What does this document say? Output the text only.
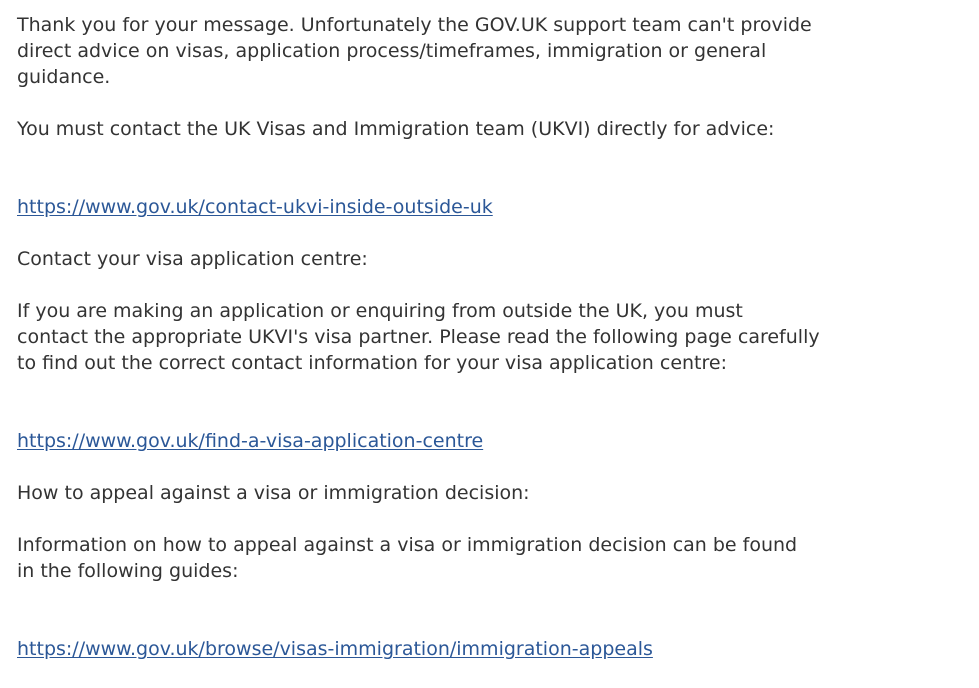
Thank you for your message. Unfortunately the GOV.UK support team can't provide
direct advice on visas, application process/timeframes, immigration or general
guidance.

You must contact the UK Visas and Immigration team (UKVI) directly for advice:

https://www.gov.uk/contact-ukvi-inside-outside-uk

Contact your visa application centre:

If you are making an application or enquiring from outside the UK, you must
contact the appropriate UKVI's visa partner. Please read the following page carefully
to find out the correct contact information for your visa application centre:

https://www.gov.uk/find-a-visa-application-centre

How to appeal against a visa or immigration decision:

Information on how to appeal against a visa or immigration decision can be found
in the following guides:

https://www.gov.uk/browse/visas-immigration/immigration-appeals
